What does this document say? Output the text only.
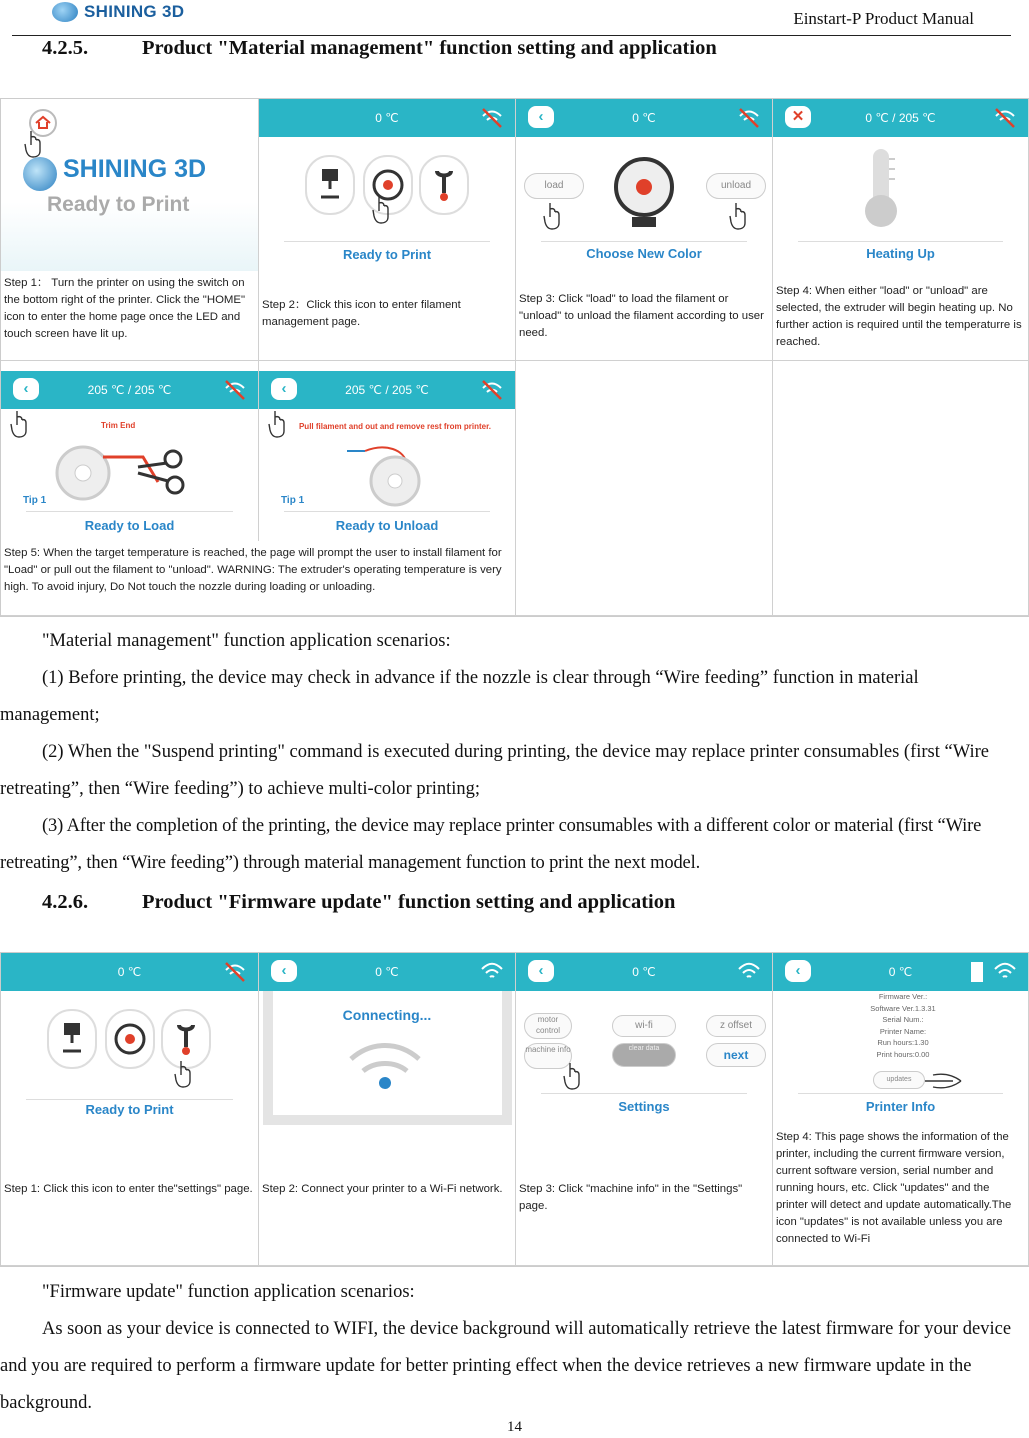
SHINING 3D	Einstart-P Product Manual
4.2.5.	Product "Material management" function setting and application
SHINING 3D
Ready to Print
Step 1： Turn the printer on using the switch on the bottom right of the printer. Click the "HOME" icon to enter the home page once the LED and touch screen have lit up.
0 ℃
Ready to Print
Step 2：Click this icon to enter filament management page.
‹	0 ℃
load	unload
Choose New Color
Step 3: Click "load" to load the filament or "unload" to unload the filament according to user need.
✕	0 ℃ / 205 ℃
Heating Up
Step 4: When either "load" or "unload" are selected, the extruder will begin heating up. No further action is required until the temperaturre is reached.
‹	205 ℃ / 205 ℃
Trim End
Tip 1
Ready to Load
‹	205 ℃ / 205 ℃
Pull filament and out and remove rest from printer.
Tip 1
Ready to Unload
Step 5: When the target temperature is reached, the page will prompt the user to install filament for "Load" or pull out the filament to "unload". WARNING: The extruder's operating temperature is very high. To avoid injury, Do Not touch the nozzle during loading or unloading.
"Material management" function application scenarios:
(1) Before printing, the device may check in advance if the nozzle is clear through “Wire feeding” function in material management;
(2) When the "Suspend printing" command is executed during printing, the device may replace printer consumables (first “Wire retreating”, then “Wire feeding”) to achieve multi-color printing;
(3) After the completion of the printing, the device may replace printer consumables with a different color or material (first “Wire retreating”, then “Wire feeding”) through material management function to print the next model.
4.2.6.	Product "Firmware update" function setting and application
0 ℃
Ready to Print
Step 1: Click this icon to enter the"settings" page.
‹	0 ℃
Connecting...
Step 2: Connect your printer to a Wi-Fi network.
‹	0 ℃
motor control	wi-fi	z offset
machine info	clear data	next
Settings
Step 3: Click "machine info" in the "Settings" page.
‹	0 ℃
Firmware Ver.:
Software Ver.1.3.31
Serial Num.:
Printer Name:
Run hours:1.30
Print hours:0.00
updates
Printer Info
Step 4: This page shows the information of the printer, including the current firmware version, current software version, serial number and running hours, etc. Click "updates" and the printer will detect and update automatically.The icon "updates" is not available unless you are connected to Wi-Fi
"Firmware update" function application scenarios:
As soon as your device is connected to WIFI, the device background will automatically retrieve the latest firmware for your device and you are required to perform a firmware update for better printing effect when the device retrieves a new firmware update in the background.
14
